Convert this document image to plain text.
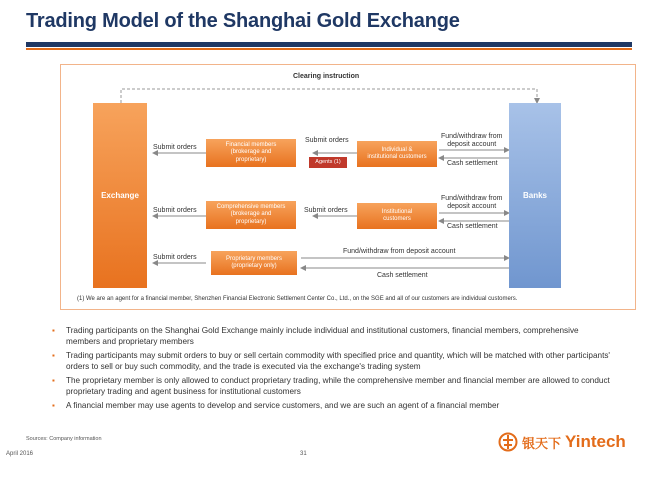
Trading Model of the Shanghai Gold Exchange
Clearing instruction
Exchange	Banks
Submit orders	Financial members
(brokerage and
proprietary)
Submit orders
Agents
(1)
Individual &
institutional customers
Fund/withdraw from
deposit account
Cash settlement
Submit orders
Comprehensive members
(brokerage and
proprietary)
Submit orders	Institutional
customers
Fund/withdraw from
deposit account
Cash settlement
Submit orders	Proprietary members
(proprietary only)
Fund/withdraw from deposit account
Cash settlement
(1) We are an agent for a financial member, Shenzhen Financial Electronic Settlement Center Co., Ltd., on the SGE and all of our customers are individual customers.
▪ Trading participants on the Shanghai Gold Exchange mainly include individual and institutional customers, financial members, comprehensive members and proprietary members
▪ Trading participants may submit orders to buy or sell certain commodity with specified price and quantity, which will be matched with other participants' orders to sell or buy such commodity, and the trade is executed via the exchange's trading system
▪ The proprietary member is only allowed to conduct proprietary trading, while the comprehensive member and financial member are allowed to conduct proprietary trading and agent business for institutional customers
▪ A financial member may use agents to develop and service customers, and we are such an agent of a financial member
Sources: Company information
April 2016	31
银天下 Yintech
